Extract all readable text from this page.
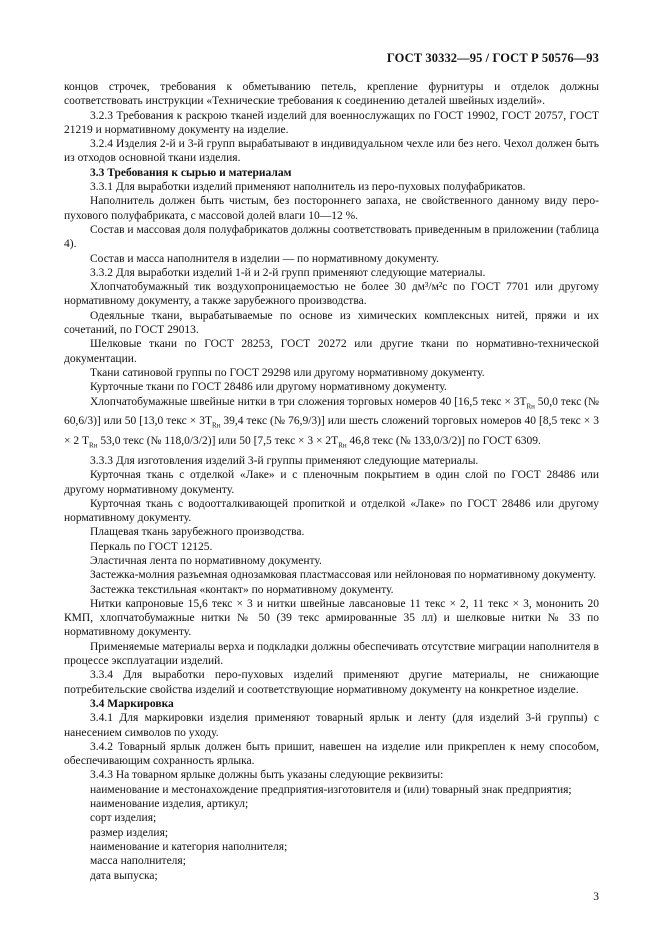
ГОСТ 30332—95 / ГОСТ Р 50576—93

концов строчек, требования к обметыванию петель, крепление фурнитуры и отделок должны соответствовать инструкции «Технические требования к соединению деталей швейных изделий».

3.2.3 Требования к раскрою тканей изделий для военнослужащих по ГОСТ 19902, ГОСТ 20757, ГОСТ 21219 и нормативному документу на изделие.

3.2.4 Изделия 2-й и 3-й групп вырабатывают в индивидуальном чехле или без него. Чехол должен быть из отходов основной ткани изделия.

3.3 Требования к сырью и материалам

3.3.1 Для выработки изделий применяют наполнитель из перо-пуховых полуфабрикатов.

Наполнитель должен быть чистым, без постороннего запаха, не свойственного данному виду перо-пухового полуфабриката, с массовой долей влаги 10—12 %.

Состав и массовая доля полуфабрикатов должны соответствовать приведенным в приложении (таблица 4).

Состав и масса наполнителя в изделии — по нормативному документу.

3.3.2 Для выработки изделий 1-й и 2-й групп применяют следующие материалы.

Хлопчатобумажный тик воздухопроницаемостью не более 30 дм³/м²с по ГОСТ 7701 или другому нормативному документу, а также зарубежного производства.

Одеяльные ткани, вырабатываемые по основе из химических комплексных нитей, пряжи и их сочетаний, по ГОСТ 29013.

Шелковые ткани по ГОСТ 28253, ГОСТ 20272 или другие ткани по нормативно-технической документации.

Ткани сатиновой группы по ГОСТ 29298 или другому нормативному документу.

Курточные ткани по ГОСТ 28486 или другому нормативному документу.

Хлопчатобумажные швейные нитки в три сложения торговых номеров 40 [16,5 текс × $3Т_{Rн}$ 50,0 текс (№ 60,6/3)] или 50 [13,0 текс × $3Т_{Rн}$ 39,4 текс (№ 76,9/3)] или шесть сложений торговых номеров 40 [8,5 текс × 3 × 2 $Т_{Rн}$ 53,0 текс (№ 118,0/3/2)] или 50 [7,5 текс × $3 \times 2Т_{Rн}$ 46,8 текс (№ 133,0/3/2)] по ГОСТ 6309.

3.3.3 Для изготовления изделий 3-й группы применяют следующие материалы.

Курточная ткань с отделкой «Лаке» и с пленочным покрытием в один слой по ГОСТ 28486 или другому нормативному документу.

Курточная ткань с водоотталкивающей пропиткой и отделкой «Лаке» по ГОСТ 28486 или другому нормативному документу.

Плащевая ткань зарубежного производства.

Перкаль по ГОСТ 12125.

Эластичная лента по нормативному документу.

Застежка-молния разъемная однозамковая пластмассовая или нейлоновая по нормативному документу.

Застежка текстильная «контакт» по нормативному документу.

Нитки капроновые 15,6 текс × 3 и нитки швейные лавсановые 11 текс × 2, 11 текс × 3, мононить 20 КМП, хлопчатобумажные нитки № 50 (39 текс армированные 35 лл) и шелковые нитки № 33 по нормативному документу.

Применяемые материалы верха и подкладки должны обеспечивать отсутствие миграции наполнителя в процессе эксплуатации изделий.

3.3.4 Для выработки перо-пуховых изделий применяют другие материалы, не снижающие потребительские свойства изделий и соответствующие нормативному документу на конкретное изделие.

3.4 Маркировка

3.4.1 Для маркировки изделия применяют товарный ярлык и ленту (для изделий 3-й группы) с нанесением символов по уходу.

3.4.2 Товарный ярлык должен быть пришит, навешен на изделие или прикреплен к нему способом, обеспечивающим сохранность ярлыка.

3.4.3 На товарном ярлыке должны быть указаны следующие реквизиты:

наименование и местонахождение предприятия-изготовителя и (или) товарный знак предприятия;

наименование изделия, артикул;

сорт изделия;

размер изделия;

наименование и категория наполнителя;

масса наполнителя;

дата выпуска;

3
